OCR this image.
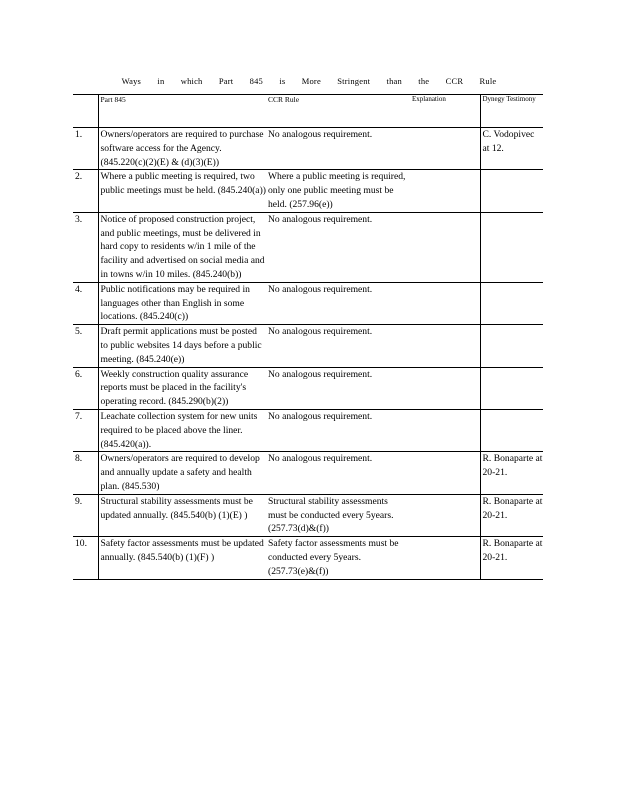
Ways in which Part 845 is More Stringent than the CCR Rule
	Part 845	CCR Rule	Explanation	Dynegy Testimony
1.	Owners/operators are required to purchase software access for the Agency. (845.220(c)(2)(E) & (d)(3)(E))	No analogous requirement.		C. Vodopivec at 12.
2.	Where a public meeting is required, two public meetings must be held. (845.240(a))	Where a public meeting is required, only one public meeting must be held. (257.96(e))		
3.	Notice of proposed construction project, and public meetings, must be delivered in hard copy to residents w/in 1 mile of the facility and advertised on social media and in towns w/in 10 miles. (845.240(b))	No analogous requirement.		
4.	Public notifications may be required in languages other than English in some locations. (845.240(c))	No analogous requirement.		
5.	Draft permit applications must be posted to public websites 14 days before a public meeting. (845.240(e))	No analogous requirement.		
6.	Weekly construction quality assurance reports must be placed in the facility's operating record. (845.290(b)(2))	No analogous requirement.		
7.	Leachate collection system for new units required to be placed above the liner.(845.420(a)).	No analogous requirement.		
8.	Owners/operators are required to develop and annually update a safety and health plan. (845.530)	No analogous requirement.		R. Bonaparte at 20-21.
9.	Structural stability assessments must be updated annually. (845.540(b) (1)(E) )	Structural stability assessments must be conducted every 5years. (257.73(d)&(f))		R. Bonaparte at 20-21.
10.	Safety factor assessments must be updated annually. (845.540(b) (1)(F) )	Safety factor assessments must be conducted every 5years. (257.73(e)&(f))		R. Bonaparte at 20-21.
